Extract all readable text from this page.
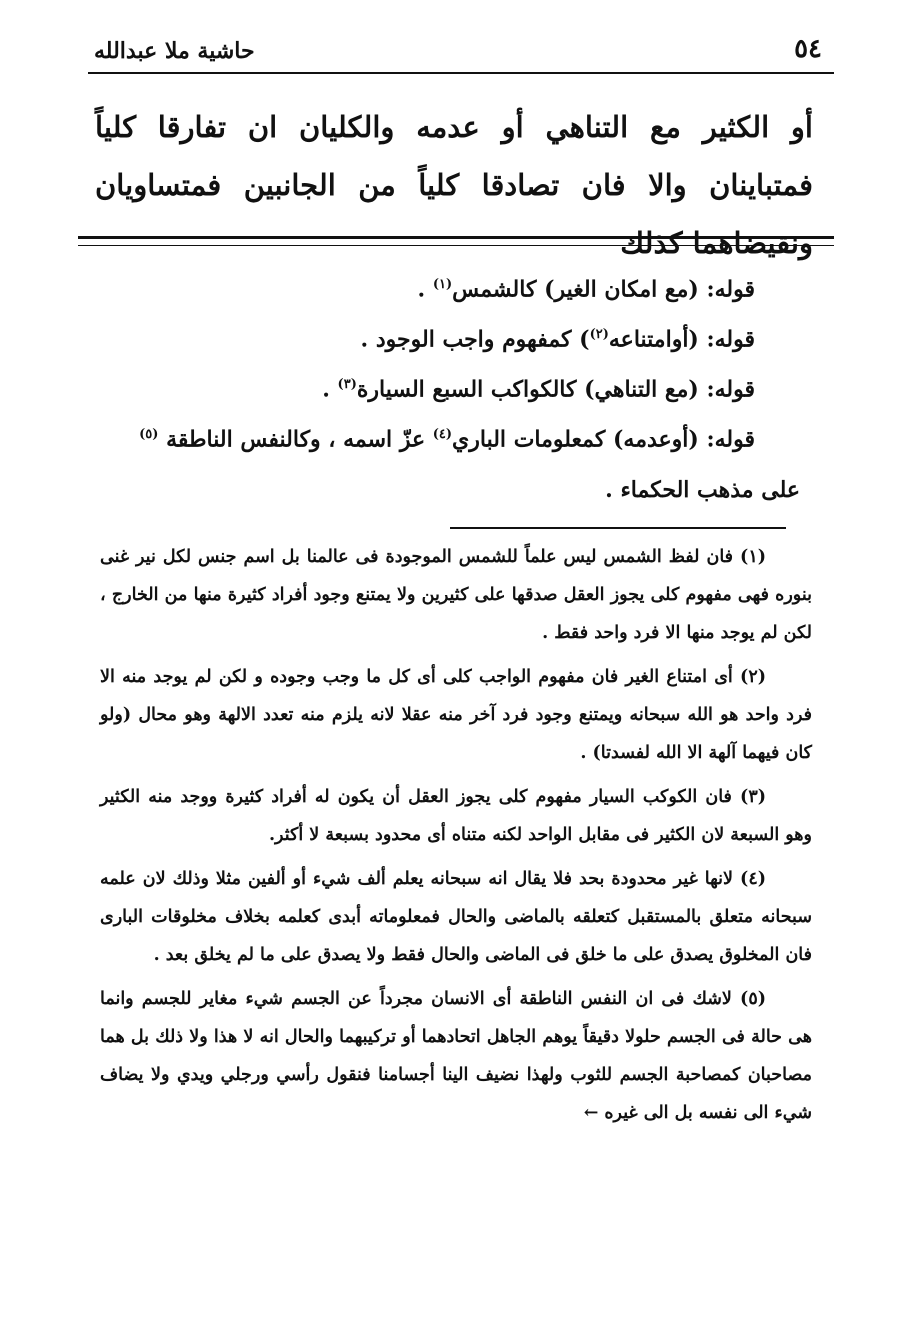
٥٤
حاشية ملا عبدالله
أو الكثير مع التناهي أو عدمه والكليان ان تفارقا كلياً فمتباينان والا فان تصادقا كلياً من الجانبين فمتساويان ونقيضاهما كذلك
قوله: (مع امكان الغير) كالشمس$^{(١)}$ .
قوله: (أوامتناعه$^{(٢)}$) كمفهوم واجب الوجود .
قوله: (مع التناهي) كالكواكب السبع السيارة$^{(٣)}$ .
قوله: (أوعدمه) كمعلومات الباري$^{(٤)}$ عزّ اسمه ، وكالنفس الناطقة $^{(٥)}$
على مذهب الحكماء .

(١) فان لفظ الشمس ليس علماً للشمس الموجودة فى عالمنا بل اسم جنس لكل نير غنى بنوره فهى مفهوم كلى يجوز العقل صدقها على كثيرين ولا يمتنع وجود أفراد كثيرة منها من الخارج ، لكن لم يوجد منها الا فرد واحد فقط .

(٢) أى امتناع الغير فان مفهوم الواجب كلى أى كل ما وجب وجوده و لكن لم يوجد منه الا فرد واحد هو الله سبحانه ويمتنع وجود فرد آخر منه عقلا لانه يلزم منه تعدد الالهة وهو محال (ولو كان فيهما آلهة الا الله لفسدتا) .

(٣) فان الكوكب السيار مفهوم كلى يجوز العقل أن يكون له أفراد كثيرة ووجد منه الكثير وهو السبعة لان الكثير فى مقابل الواحد لكنه متناه أى محدود بسبعة لا أكثر.

(٤) لانها غير محدودة بحد فلا يقال انه سبحانه يعلم ألف شيء أو ألفين مثلا وذلك لان علمه سبحانه متعلق بالمستقبل كتعلقه بالماضى والحال فمعلوماته أبدى كعلمه بخلاف مخلوقات البارى فان المخلوق يصدق على ما خلق فى الماضى والحال فقط ولا يصدق على ما لم يخلق بعد .

(٥) لاشك فى ان النفس الناطقة أى الانسان مجرداً عن الجسم شيء مغاير للجسم وانما هى حالة فى الجسم حلولا دقيقاً يوهم الجاهل اتحادهما أو تركيبهما والحال انه لا هذا ولا ذلك بل هما مصاحبان كمصاحبة الجسم للثوب ولهذا نضيف الينا أجسامنا فنقول رأسي ورجلي ويدي ولا يضاف شيء الى نفسه بل الى غيره←
